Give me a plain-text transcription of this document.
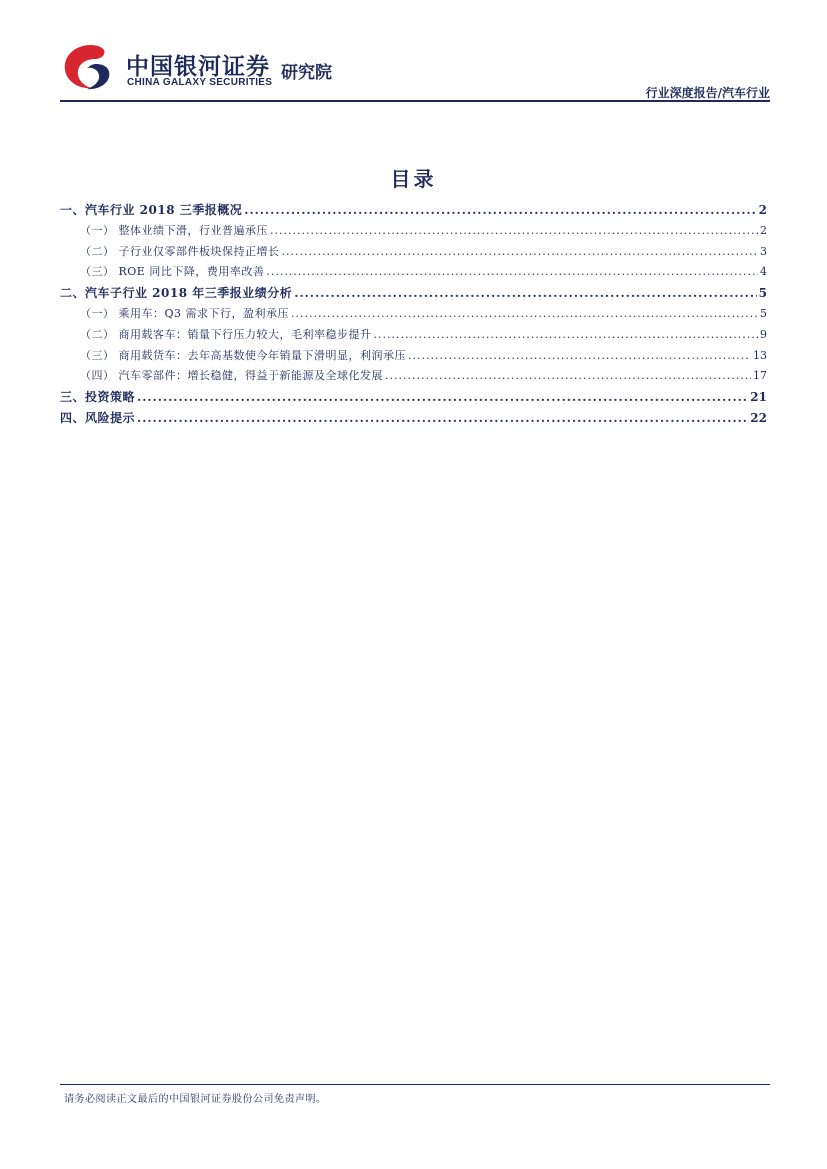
中国银河证券
CHINA GALAXY SECURITIES 研究院
行业深度报告/汽车行业
目录
一、汽车行业 2018 三季报概况 .....	2
（一） 整体业绩下滑，行业普遍承压 .....	2
（二） 子行业仅零部件板块保持正增长 .....	3
（三） ROE 同比下降，费用率改善 .....	4
二、汽车子行业 2018 年三季报业绩分析 .....	5
（一） 乘用车：Q3 需求下行，盈利承压 .....	5
（二） 商用载客车：销量下行压力较大，毛利率稳步提升 .....	9
（三） 商用载货车：去年高基数使今年销量下滑明显，利润承压 .....	13
（四） 汽车零部件：增长稳健，得益于新能源及全球化发展 .....	17
三、投资策略 .....	21
四、风险提示 .....	22
请务必阅读正文最后的中国银河证券股份公司免责声明。
